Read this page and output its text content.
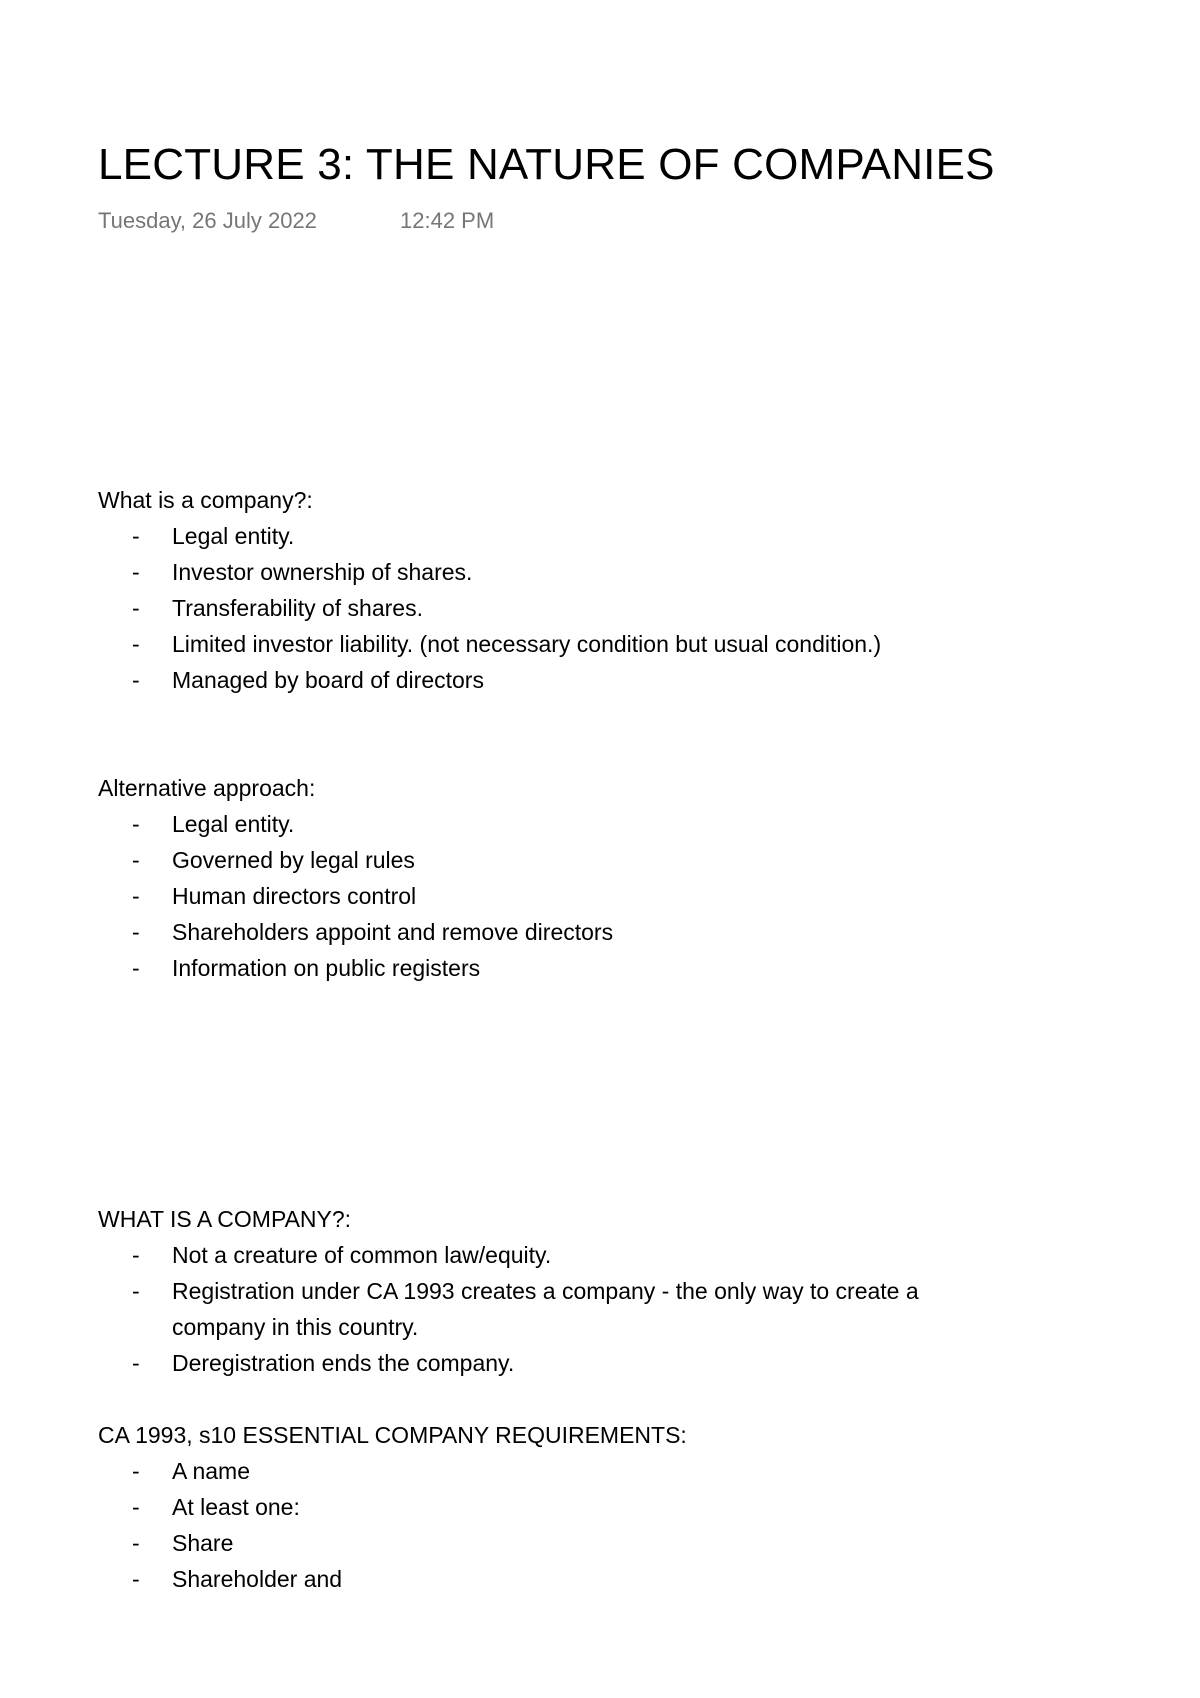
LECTURE 3: THE NATURE OF COMPANIES
Tuesday, 26 July 2022	12:42 PM
What is a company?:
- Legal entity.
- Investor ownership of shares.
- Transferability of shares.
- Limited investor liability. (not necessary condition but usual condition.)
- Managed by board of directors
Alternative approach:
- Legal entity.
- Governed by legal rules
- Human directors control
- Shareholders appoint and remove directors
- Information on public registers
WHAT IS A COMPANY?:
- Not a creature of common law/equity.
- Registration under CA 1993 creates a company - the only way to create a company in this country.
- Deregistration ends the company.
CA 1993, s10 ESSENTIAL COMPANY REQUIREMENTS:
- A name
- At least one:
- Share
- Shareholder and
